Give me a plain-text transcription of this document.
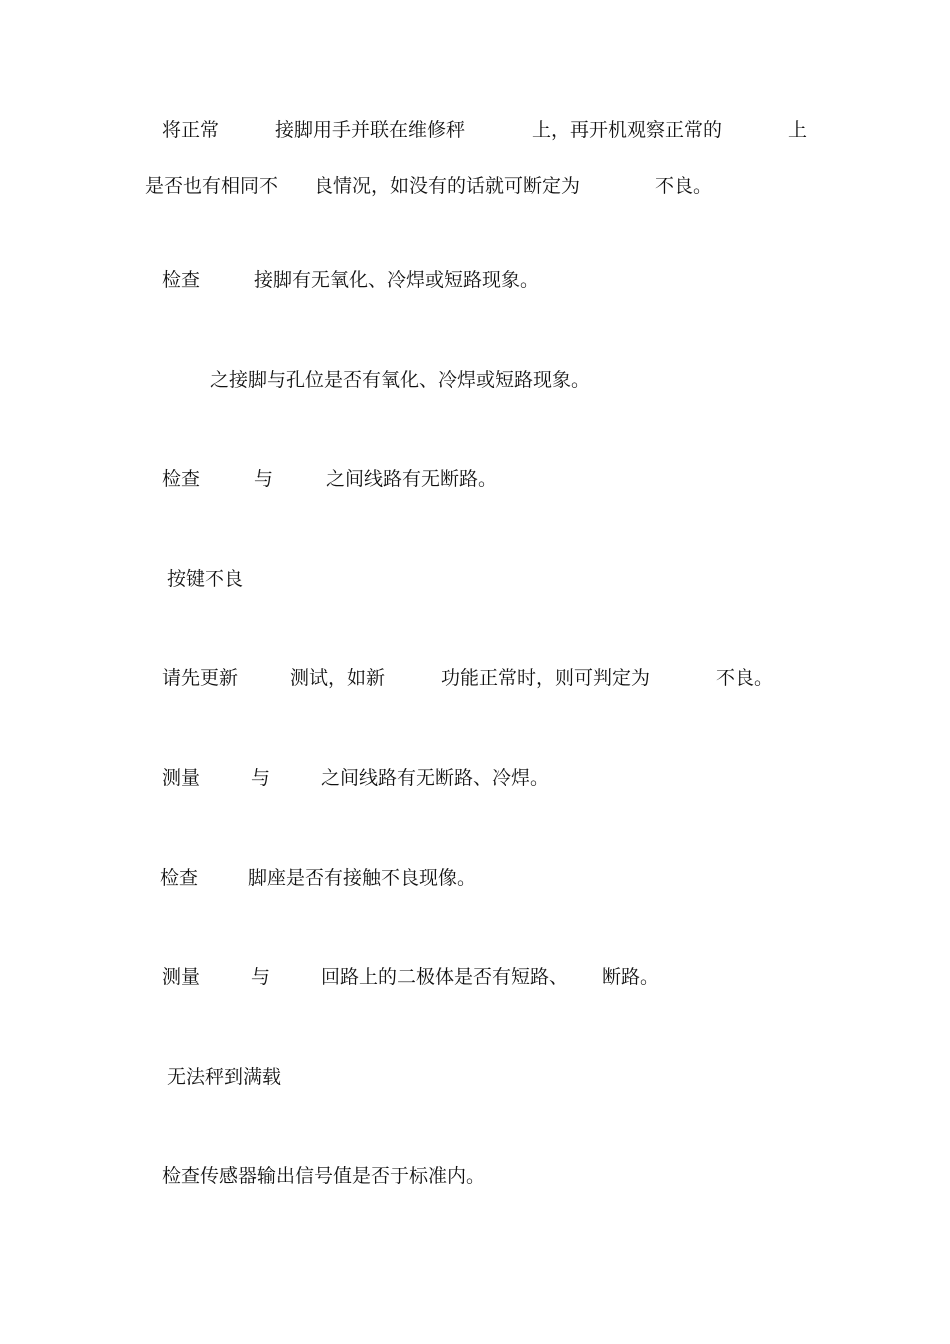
将正常

	接脚用手并联在维修秤

	上，再开机观察正常的

	上

是否也有相同不

良情况，如没有的话就可断定为

	不良。

检查

	接脚有无氧化、冷焊或短路现象。

之接脚与孔位是否有氧化、冷焊或短路现象。

检查

	与

	之间线路有无断路。

按键不良

请先更新

	测试，如新

	功能正常时，则可判定为

	不良。

测量

	与

	之间线路有无断路、冷焊。

检查

	脚座是否有接触不良现像。

测量

	与

	回路上的二极体是否有短路、

断路。

无法秤到满载

检查传感器输出信号值是否于标准内。
